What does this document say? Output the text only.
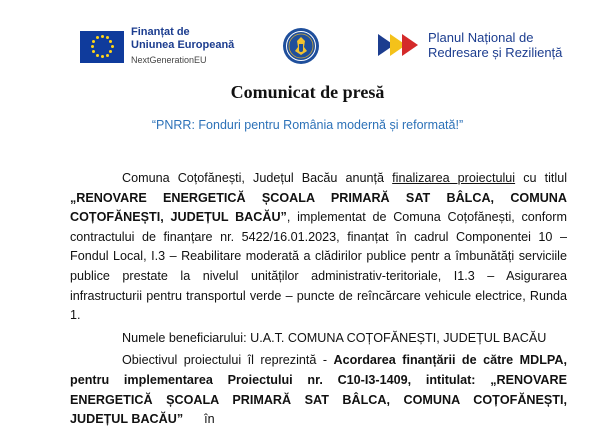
Finanțat de
Uniunea Europeană
NextGenerationEU
Planul Național de
Redresare și Reziliență
Comunicat de presă
“PNRR: Fonduri pentru România modernă și reformată!”

Comuna Coțofănești, Județul Bacău anunță finalizarea proiectului cu titlul „RENOVARE ENERGETICĂ ȘCOALA PRIMARĂ SAT BÂLCA, COMUNA COȚOFĂNEȘTI, JUDEȚUL BACĂU”, implementat de Comuna Coțofănești, conform contractului de finanțare nr. 5422/16.01.2023, finanțat în cadrul Componentei 10 – Fondul Local, I.3 – Reabilitare moderată a clădirilor publice pentr a îmbunătăți serviciile publice prestate la nivelul unităților administrativ-teritoriale, I1.3 – Asigurarea infrastructurii pentru transportul verde – puncte de reîncărcare vehicule electrice, Runda 1.

Numele beneficiarului: U.A.T. COMUNA COȚOFĂNEȘTI, JUDEȚUL BACĂU

Obiectivul proiectului îl reprezintă - Acordarea finanțării de către MDLPA, pentru implementarea Proiectului nr. C10-I3-1409, intitulat: „RENOVARE ENERGETICĂ ȘCOALA PRIMARĂ SAT BÂLCA, COMUNA COȚOFĂNEȘTI, JUDEȚUL BACĂU”      în
